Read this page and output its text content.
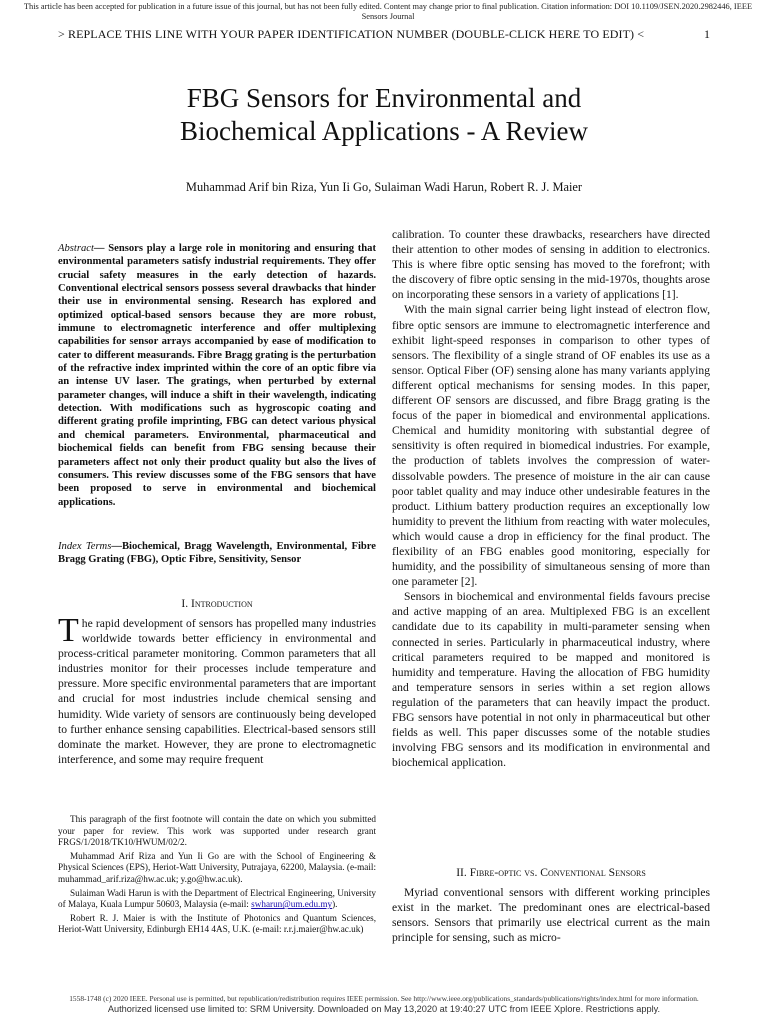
This article has been accepted for publication in a future issue of this journal, but has not been fully edited. Content may change prior to final publication. Citation information: DOI 10.1109/JSEN.2020.2982446, IEEE Sensors Journal
> REPLACE THIS LINE WITH YOUR PAPER IDENTIFICATION NUMBER (DOUBLE-CLICK HERE TO EDIT) <	1
FBG Sensors for Environmental and
Biochemical Applications - A Review
Muhammad Arif bin Riza, Yun Ii Go, Sulaiman Wadi Harun, Robert R. J. Maier
Abstract— Sensors play a large role in monitoring and ensuring that environmental parameters satisfy industrial requirements. They offer crucial safety measures in the early detection of hazards. Conventional electrical sensors possess several drawbacks that hinder their use in environmental sensing. Research has explored and optimized optical-based sensors because they are more robust, immune to electromagnetic interference and offer multiplexing capabilities for sensor arrays accompanied by ease of modification to cater to different measurands. Fibre Bragg grating is the perturbation of the refractive index imprinted within the core of an optic fibre via an intense UV laser. The gratings, when perturbed by external parameter changes, will induce a shift in their wavelength, indicating detection. With modifications such as hygroscopic coating and different grating profile imprinting, FBG can detect various physical and chemical parameters. Environmental, pharmaceutical and biochemical fields can benefit from FBG sensing because their parameters affect not only their product quality but also the lives of consumers. This review discusses some of the FBG sensors that have been proposed to serve in environmental and biochemical applications.
Index Terms—Biochemical, Bragg Wavelength, Environmental, Fibre Bragg Grating (FBG), Optic Fibre, Sensitivity, Sensor
I. Introduction

The rapid development of sensors has propelled many industries worldwide towards better efficiency in environmental and process-critical parameter monitoring. Common parameters that all industries monitor for their processes include temperature and pressure. More specific environmental parameters that are important and crucial for most industries include chemical sensing and humidity. Wide variety of sensors are continuously being developed to further enhance sensing capabilities. Electrical-based sensors still dominate the market. However, they are prone to electromagnetic interference, and some may require frequent

This paragraph of the first footnote will contain the date on which you submitted your paper for review. This work was supported under research grant FRGS/1/2018/TK10/HWUM/02/2.

Muhammad Arif Riza and Yun Ii Go are with the School of Engineering & Physical Sciences (EPS), Heriot-Watt University, Putrajaya, 62200, Malaysia. (e-mail: muhammad_arif.riza@hw.ac.uk; y.go@hw.ac.uk).

Sulaiman Wadi Harun is with the Department of Electrical Engineering, University of Malaya, Kuala Lumpur 50603, Malaysia (e-mail: swharun@um.edu.my).

Robert R. J. Maier is with the Institute of Photonics and Quantum Sciences, Heriot-Watt University, Edinburgh EH14 4AS, U.K. (e-mail: r.r.j.maier@hw.ac.uk)

calibration. To counter these drawbacks, researchers have directed their attention to other modes of sensing in addition to electronics. This is where fibre optic sensing has moved to the forefront; with the discovery of fibre optic sensing in the mid-1970s, thoughts arose on incorporating these sensors in a variety of applications [1].

With the main signal carrier being light instead of electron flow, fibre optic sensors are immune to electromagnetic interference and exhibit light-speed responses in comparison to other types of sensors. The flexibility of a single strand of OF enables its use as a sensor. Optical Fiber (OF) sensing alone has many variants applying different optical mechanisms for sensing modes. In this paper, different OF sensors are discussed, and fibre Bragg grating is the focus of the paper in biomedical and environmental applications. Chemical and humidity monitoring with substantial degree of sensitivity is often required in biomedical industries. For example, the production of tablets involves the compression of water-dissolvable powders. The presence of moisture in the air can cause poor tablet quality and may induce other undesirable features in the product. Lithium battery production requires an exceptionally low humidity to prevent the lithium from reacting with water molecules, which would cause a drop in efficiency for the final product. The flexibility of an FBG enables good monitoring, especially for humidity, and the possibility of simultaneous sensing of more than one parameter [2].

Sensors in biochemical and environmental fields favours precise and active mapping of an area. Multiplexed FBG is an excellent candidate due to its capability in multi-parameter sensing when connected in series. Particularly in pharmaceutical industry, where critical parameters required to be mapped and monitored is humidity and temperature. Having the allocation of FBG humidity and temperature sensors in series within a set region allows regulation of the parameters that can heavily impact the product. FBG sensors have potential in not only in pharmaceutical but other fields as well. This paper discusses some of the notable studies involving FBG sensors and its modification in environmental and biochemical application.

II. Fibre-optic vs. Conventional Sensors

Myriad conventional sensors with different working principles exist in the market. The predominant ones are electrical-based sensors. Sensors that primarily use electrical current as the main principle for sensing, such as micro-

1558-1748 (c) 2020 IEEE. Personal use is permitted, but republication/redistribution requires IEEE permission. See http://www.ieee.org/publications_standards/publications/rights/index.html for more information.
Authorized licensed use limited to: SRM University. Downloaded on May 13,2020 at 19:40:27 UTC from IEEE Xplore. Restrictions apply.
